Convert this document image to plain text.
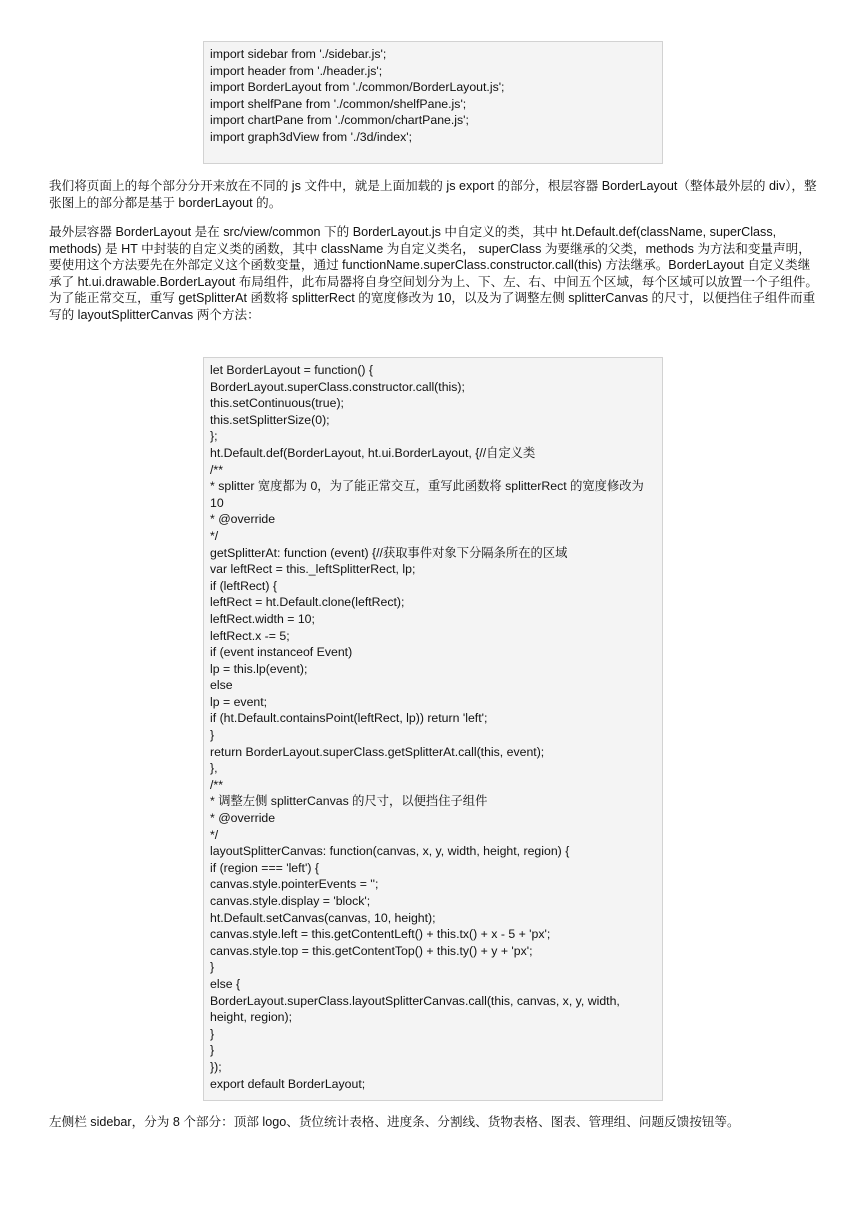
import sidebar from './sidebar.js';
import header from './header.js';
import BorderLayout from './common/BorderLayout.js';
import shelfPane from './common/shelfPane.js';
import chartPane from './common/chartPane.js';
import graph3dView from './3d/index';

我们将页面上的每个部分分开来放在不同的 js 文件中，就是上面加载的 js export 的部分，根层容器 BorderLayout（整体最外层的 div），整张图上的部分都是基于 borderLayout 的。

最外层容器 BorderLayout 是在 src/view/common 下的 BorderLayout.js 中自定义的类，其中 ht.Default.def(className, superClass, methods) 是 HT 中封装的自定义类的函数，其中 className 为自定义类名， superClass 为要继承的父类，methods 为方法和变量声明，要使用这个方法要先在外部定义这个函数变量，通过 functionName.superClass.constructor.call(this) 方法继承。BorderLayout 自定义类继承了 ht.ui.drawable.BorderLayout 布局组件，此布局器将自身空间划分为上、下、左、右、中间五个区域，每个区域可以放置一个子组件。为了能正常交互，重写 getSplitterAt 函数将 splitterRect 的宽度修改为 10，以及为了调整左侧 splitterCanvas 的尺寸，以便挡住子组件而重写的 layoutSplitterCanvas 两个方法：

let BorderLayout = function() {
BorderLayout.superClass.constructor.call(this);
this.setContinuous(true);
this.setSplitterSize(0);
};
ht.Default.def(BorderLayout, ht.ui.BorderLayout, {//自定义类
/**
* splitter 宽度都为 0，为了能正常交互，重写此函数将 splitterRect 的宽度修改为 10
* @override
*/
getSplitterAt: function (event) {//获取事件对象下分隔条所在的区域
var leftRect = this._leftSplitterRect, lp;
if (leftRect) {
leftRect = ht.Default.clone(leftRect);
leftRect.width = 10;
leftRect.x -= 5;
if (event instanceof Event)
lp = this.lp(event);
else
lp = event;
if (ht.Default.containsPoint(leftRect, lp)) return 'left';
}
return BorderLayout.superClass.getSplitterAt.call(this, event);
},
/**
* 调整左侧 splitterCanvas 的尺寸，以便挡住子组件
* @override
*/
layoutSplitterCanvas: function(canvas, x, y, width, height, region) {
if (region === 'left') {
canvas.style.pointerEvents = '';
canvas.style.display = 'block';
ht.Default.setCanvas(canvas, 10, height);
canvas.style.left = this.getContentLeft() + this.tx() + x - 5 + 'px';
canvas.style.top = this.getContentTop() + this.ty() + y + 'px';
}
else {
BorderLayout.superClass.layoutSplitterCanvas.call(this, canvas, x, y, width, height, region);
}
}
});
export default BorderLayout;

左侧栏 sidebar，分为 8 个部分：顶部 logo、货位统计表格、进度条、分割线、货物表格、图表、管理组、问题反馈按钮等。
